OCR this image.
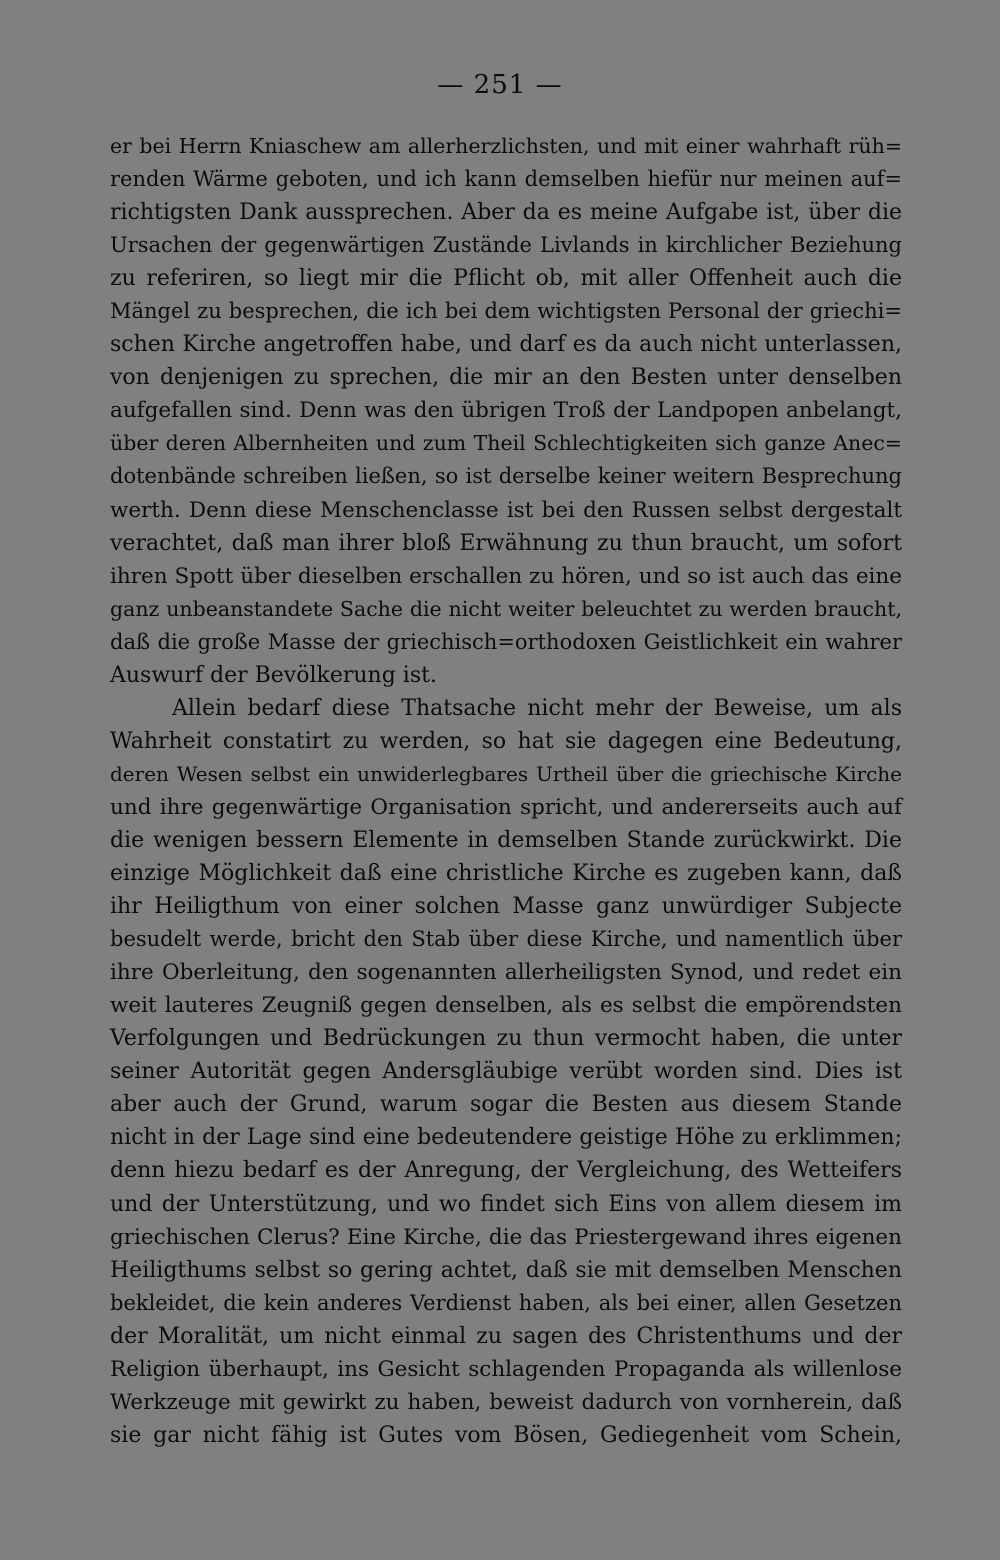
— 251 —
er bei Herrn Kniaschew am allerherzlichsten, und mit einer wahrhaft rüh=
renden Wärme geboten, und ich kann demselben hiefür nur meinen auf=
richtigsten Dank aussprechen. Aber da es meine Aufgabe ist, über die
Ursachen der gegenwärtigen Zustände Livlands in kirchlicher Beziehung
zu referiren, so liegt mir die Pflicht ob, mit aller Offenheit auch die
Mängel zu besprechen, die ich bei dem wichtigsten Personal der griechi=
schen Kirche angetroffen habe, und darf es da auch nicht unterlassen,
von denjenigen zu sprechen, die mir an den Besten unter denselben
aufgefallen sind. Denn was den übrigen Troß der Landpopen anbelangt,
über deren Albernheiten und zum Theil Schlechtigkeiten sich ganze Anec=
dotenbände schreiben ließen, so ist derselbe keiner weitern Besprechung
werth. Denn diese Menschenclasse ist bei den Russen selbst dergestalt
verachtet, daß man ihrer bloß Erwähnung zu thun braucht, um sofort
ihren Spott über dieselben erschallen zu hören, und so ist auch das eine
ganz unbeanstandete Sache die nicht weiter beleuchtet zu werden braucht,
daß die große Masse der griechisch=orthodoxen Geistlichkeit ein wahrer
Auswurf der Bevölkerung ist.
Allein bedarf diese Thatsache nicht mehr der Beweise, um als
Wahrheit constatirt zu werden, so hat sie dagegen eine Bedeutung,
deren Wesen selbst ein unwiderlegbares Urtheil über die griechische Kirche
und ihre gegenwärtige Organisation spricht, und andererseits auch auf
die wenigen bessern Elemente in demselben Stande zurückwirkt. Die
einzige Möglichkeit daß eine christliche Kirche es zugeben kann, daß
ihr Heiligthum von einer solchen Masse ganz unwürdiger Subjecte
besudelt werde, bricht den Stab über diese Kirche, und namentlich über
ihre Oberleitung, den sogenannten allerheiligsten Synod, und redet ein
weit lauteres Zeugniß gegen denselben, als es selbst die empörendsten
Verfolgungen und Bedrückungen zu thun vermocht haben, die unter
seiner Autorität gegen Andersgläubige verübt worden sind. Dies ist
aber auch der Grund, warum sogar die Besten aus diesem Stande
nicht in der Lage sind eine bedeutendere geistige Höhe zu erklimmen;
denn hiezu bedarf es der Anregung, der Vergleichung, des Wetteifers
und der Unterstützung, und wo findet sich Eins von allem diesem im
griechischen Clerus? Eine Kirche, die das Priestergewand ihres eigenen
Heiligthums selbst so gering achtet, daß sie mit demselben Menschen
bekleidet, die kein anderes Verdienst haben, als bei einer, allen Gesetzen
der Moralität, um nicht einmal zu sagen des Christenthums und der
Religion überhaupt, ins Gesicht schlagenden Propaganda als willenlose
Werkzeuge mit gewirkt zu haben, beweist dadurch von vornherein, daß
sie gar nicht fähig ist Gutes vom Bösen, Gediegenheit vom Schein,
